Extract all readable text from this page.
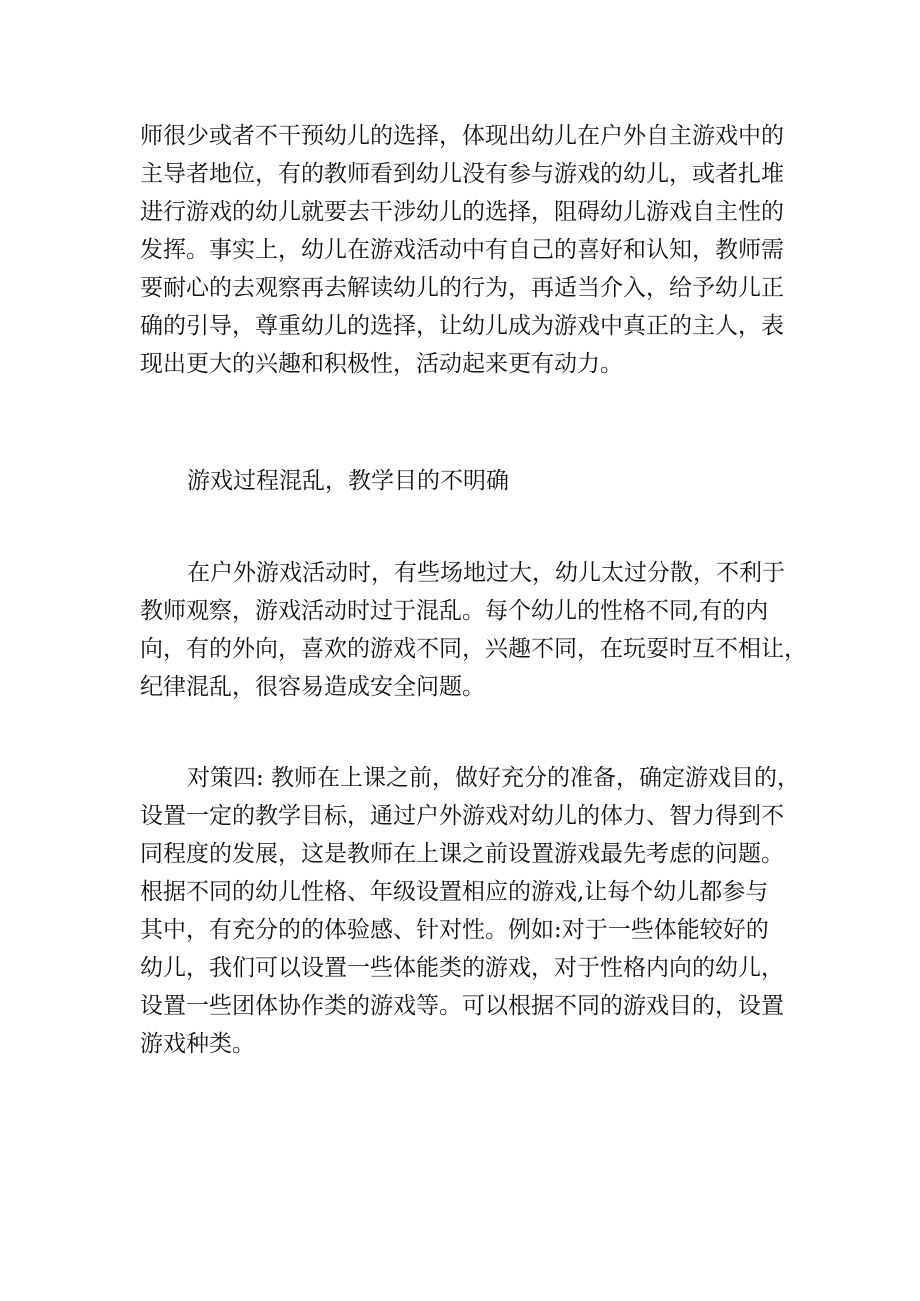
师很少或者不干预幼儿的选择，体现出幼儿在户外自主游戏中的

主导者地位，有的教师看到幼儿没有参与游戏的幼儿，或者扎堆

进行游戏的幼儿就要去干涉幼儿的选择，阻碍幼儿游戏自主性的

发挥。事实上，幼儿在游戏活动中有自己的喜好和认知，教师需

要耐心的去观察再去解读幼儿的行为，再适当介入，给予幼儿正

确的引导，尊重幼儿的选择，让幼儿成为游戏中真正的主人，表

现出更大的兴趣和积极性，活动起来更有动力。

游戏过程混乱，教学目的不明确

在户外游戏活动时，有些场地过大，幼儿太过分散，不利于

教师观察，游戏活动时过于混乱。每个幼儿的性格不同,有的内

向，有的外向，喜欢的游戏不同，兴趣不同，在玩耍时互不相让，

纪律混乱，很容易造成安全问题。

对策四: 教师在上课之前，做好充分的准备，确定游戏目的，

设置一定的教学目标，通过户外游戏对幼儿的体力、智力得到不

同程度的发展，这是教师在上课之前设置游戏最先考虑的问题。

根据不同的幼儿性格、年级设置相应的游戏,让每个幼儿都参与

其中，有充分的的体验感、针对性。例如:对于一些体能较好的

幼儿，我们可以设置一些体能类的游戏，对于性格内向的幼儿，

设置一些团体协作类的游戏等。可以根据不同的游戏目的，设置

游戏种类。
